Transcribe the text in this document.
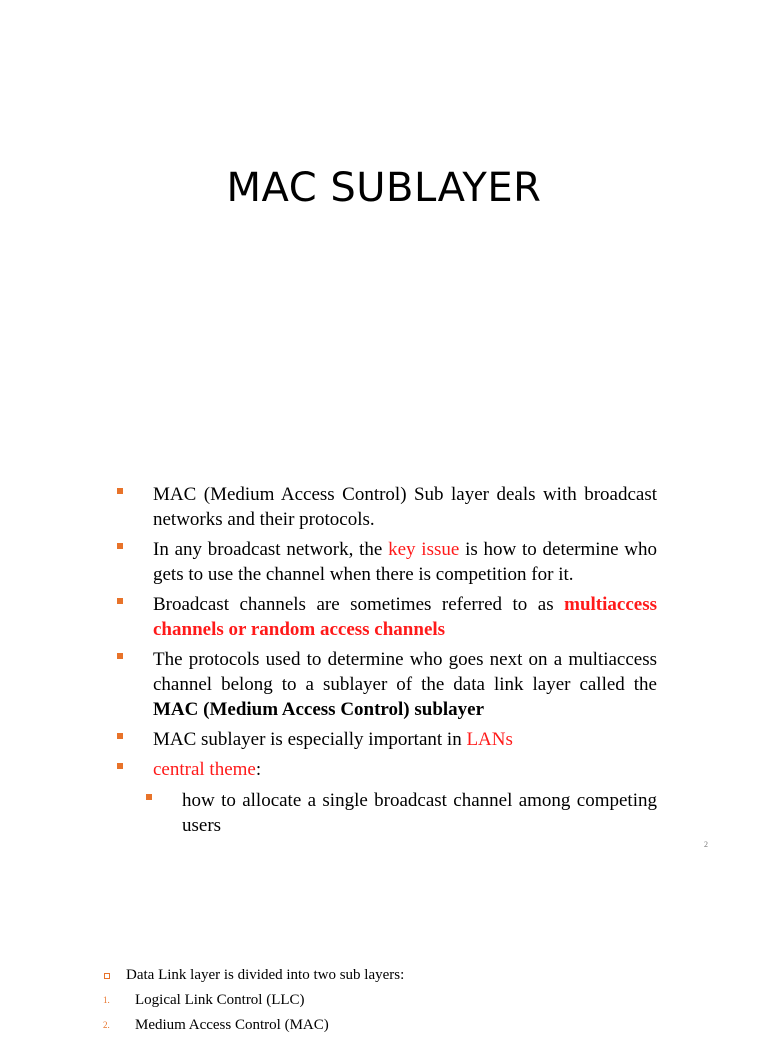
MAC SUBLAYER
MAC (Medium Access Control) Sub layer deals with broadcast networks and their protocols.
In any broadcast network, the key issue is how to determine who gets to use the channel when there is competition for it.
Broadcast channels are sometimes referred to as multiaccess channels or random access channels
The protocols used to determine who goes next on a multiaccess channel belong to a sublayer of the data link layer called the MAC (Medium Access Control) sublayer
MAC sublayer is especially important in LANs
central theme:
how to allocate a single broadcast channel among competing users
2
Data Link layer is divided into two sub layers:
1. Logical Link Control (LLC)
2. Medium Access Control (MAC)
